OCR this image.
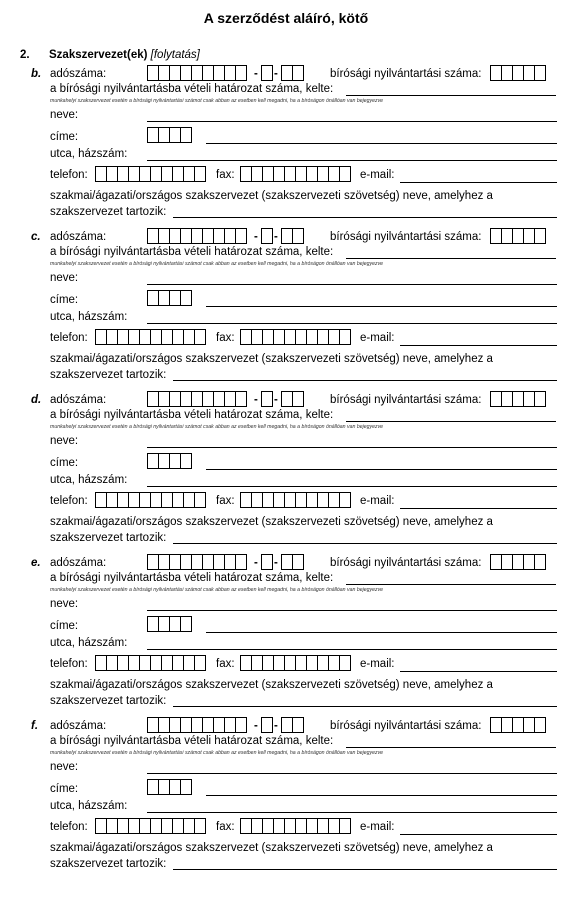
A szerződést aláíró, kötő
2. Szakszervezet(ek) [folytatás]
b. adószáma:	- -	bírósági nyilvántartási száma:
a bírósági nyilvántartásba vételi határozat száma, kelte:
munkahelyi szakszervezet esetén a bírósági nyilvántartási számot csak abban az esetben kell megadni, ha a bíróságon önállóan van bejegyezve
neve:
címe:
utca, házszám:
telefon:	fax:	e-mail:
szakmai/ágazati/országos szakszervezet (szakszervezeti szövetség) neve, amelyhez a
szakszervezet tartozik:
c. adószáma:	- -	bírósági nyilvántartási száma:
a bírósági nyilvántartásba vételi határozat száma, kelte:
munkahelyi szakszervezet esetén a bírósági nyilvántartási számot csak abban az esetben kell megadni, ha a bíróságon önállóan van bejegyezve
neve:
címe:
utca, házszám:
telefon:	fax:	e-mail:
szakmai/ágazati/országos szakszervezet (szakszervezeti szövetség) neve, amelyhez a
szakszervezet tartozik:
d. adószáma:	- -	bírósági nyilvántartási száma:
a bírósági nyilvántartásba vételi határozat száma, kelte:
munkahelyi szakszervezet esetén a bírósági nyilvántartási számot csak abban az esetben kell megadni, ha a bíróságon önállóan van bejegyezve
neve:
címe:
utca, házszám:
telefon:	fax:	e-mail:
szakmai/ágazati/országos szakszervezet (szakszervezeti szövetség) neve, amelyhez a
szakszervezet tartozik:
e. adószáma:	- -	bírósági nyilvántartási száma:
a bírósági nyilvántartásba vételi határozat száma, kelte:
munkahelyi szakszervezet esetén a bírósági nyilvántartási számot csak abban az esetben kell megadni, ha a bíróságon önállóan van bejegyezve
neve:
címe:
utca, házszám:
telefon:	fax:	e-mail:
szakmai/ágazati/országos szakszervezet (szakszervezeti szövetség) neve, amelyhez a
szakszervezet tartozik:
f. adószáma:	- -	bírósági nyilvántartási száma:
a bírósági nyilvántartásba vételi határozat száma, kelte:
munkahelyi szakszervezet esetén a bírósági nyilvántartási számot csak abban az esetben kell megadni, ha a bíróságon önállóan van bejegyezve
neve:
címe:
utca, házszám:
telefon:	fax:	e-mail:
szakmai/ágazati/országos szakszervezet (szakszervezeti szövetség) neve, amelyhez a
szakszervezet tartozik:
